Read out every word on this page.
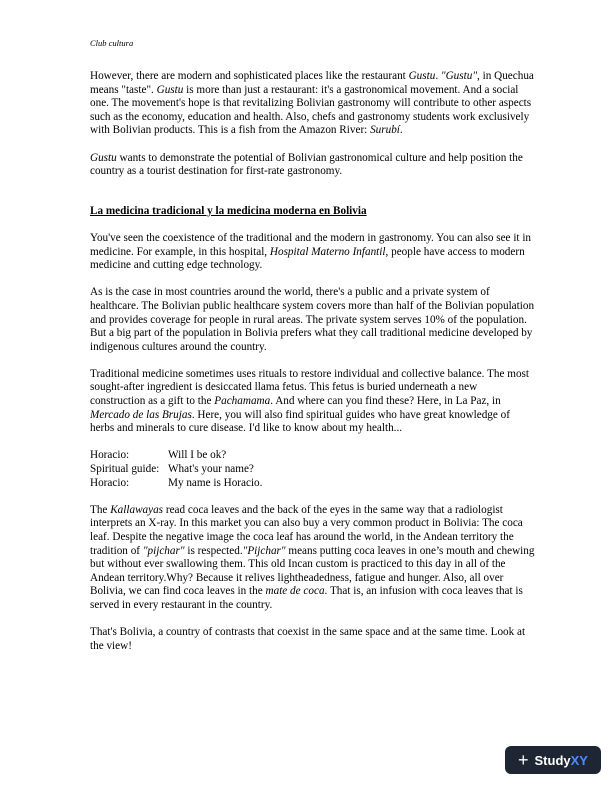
Club cultura

However, there are modern and sophisticated places like the restaurant Gustu. "Gustu", in Quechua means "taste". Gustu is more than just a restaurant: it's a gastronomical movement. And a social one. The movement's hope is that revitalizing Bolivian gastronomy will contribute to other aspects such as the economy, education and health. Also, chefs and gastronomy students work exclusively with Bolivian products. This is a fish from the Amazon River: Surubí.

Gustu wants to demonstrate the potential of Bolivian gastronomical culture and help position the country as a tourist destination for first-rate gastronomy.

La medicina tradicional y la medicina moderna en Bolivia

You've seen the coexistence of the traditional and the modern in gastronomy. You can also see it in medicine. For example, in this hospital, Hospital Materno Infantil, people have access to modern medicine and cutting edge technology.

As is the case in most countries around the world, there's a public and a private system of healthcare. The Bolivian public healthcare system covers more than half of the Bolivian population and provides coverage for people in rural areas. The private system serves 10% of the population. But a big part of the population in Bolivia prefers what they call traditional medicine developed by indigenous cultures around the country.

Traditional medicine sometimes uses rituals to restore individual and collective balance. The most sought-after ingredient is desiccated llama fetus. This fetus is buried underneath a new construction as a gift to the Pachamama. And where can you find these? Here, in La Paz, in Mercado de las Brujas. Here, you will also find spiritual guides who have great knowledge of herbs and minerals to cure disease. I'd like to know about my health...

Horacio:	Will I be ok?
Spiritual guide: What's your name?
Horacio:	My name is Horacio.

The Kallawayas read coca leaves and the back of the eyes in the same way that a radiologist interprets an X-ray. In this market you can also buy a very common product in Bolivia: The coca leaf. Despite the negative image the coca leaf has around the world, in the Andean territory the tradition of "pijchar" is respected."Pijchar" means putting coca leaves in one’s mouth and chewing but without ever swallowing them. This old Incan custom is practiced to this day in all of the Andean territory.Why? Because it relives lightheadedness, fatigue and hunger. Also, all over Bolivia, we can find coca leaves in the mate de coca. That is, an infusion with coca leaves that is served in every restaurant in the country.

That's Bolivia, a country of contrasts that coexist in the same space and at the same time. Look at the view!

+ StudyXY
